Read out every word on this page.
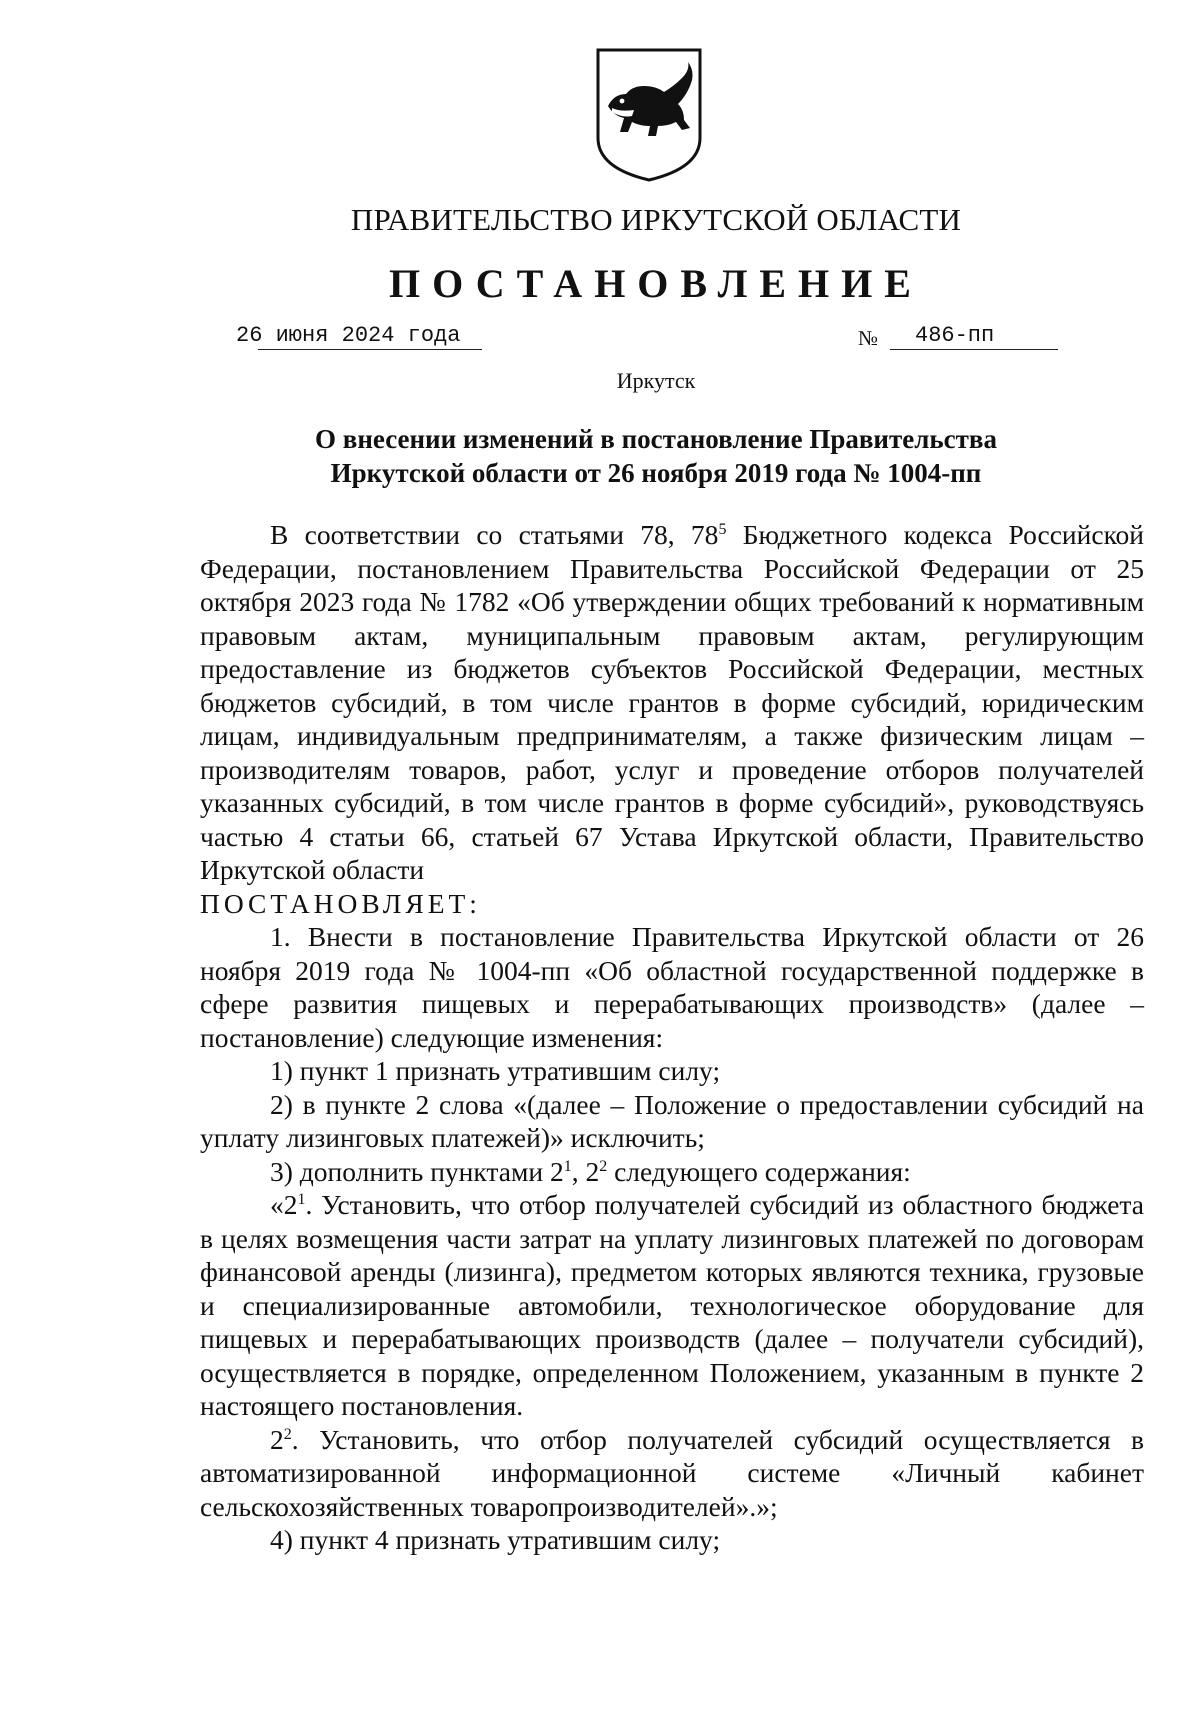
ПРАВИТЕЛЬСТВО ИРКУТСКОЙ ОБЛАСТИ
ПОСТАНОВЛЕНИЕ
26 июня 2024 года	№ 486-пп
Иркутск
О внесении изменений в постановление Правительства
Иркутской области от 26 ноября 2019 года № 1004-пп

В соответствии со статьями 78, $78^5$ Бюджетного кодекса Российской Федерации, постановлением Правительства Российской Федерации от 25 октября 2023 года № 1782 «Об утверждении общих требований к нормативным правовым актам, муниципальным правовым актам, регулирующим предоставление из бюджетов субъектов Российской Федерации, местных бюджетов субсидий, в том числе грантов в форме субсидий, юридическим лицам, индивидуальным предпринимателям, а также физическим лицам – производителям товаров, работ, услуг и проведение отборов получателей указанных субсидий, в том числе грантов в форме субсидий», руководствуясь частью 4 статьи 66, статьей 67 Устава Иркутской области, Правительство Иркутской области

ПОСТАНОВЛЯЕТ:

1. Внести в постановление Правительства Иркутской области от 26 ноября 2019 года № 1004-пп «Об областной государственной поддержке в сфере развития пищевых и перерабатывающих производств» (далее – постановление) следующие изменения:

1) пункт 1 признать утратившим силу;

2) в пункте 2 слова «(далее – Положение о предоставлении субсидий на уплату лизинговых платежей)» исключить;

3) дополнить пунктами $2^1$, $2^2$ следующего содержания:

«$2^1$. Установить, что отбор получателей субсидий из областного бюджета в целях возмещения части затрат на уплату лизинговых платежей по договорам финансовой аренды (лизинга), предметом которых являются техника, грузовые и специализированные автомобили, технологическое оборудование для пищевых и перерабатывающих производств (далее – получатели субсидий), осуществляется в порядке, определенном Положением, указанным в пункте 2 настоящего постановления.

$2^2$. Установить, что отбор получателей субсидий осуществляется в автоматизированной информационной системе «Личный кабинет сельскохозяйственных товаропроизводителей».»;

4) пункт 4 признать утратившим силу;
